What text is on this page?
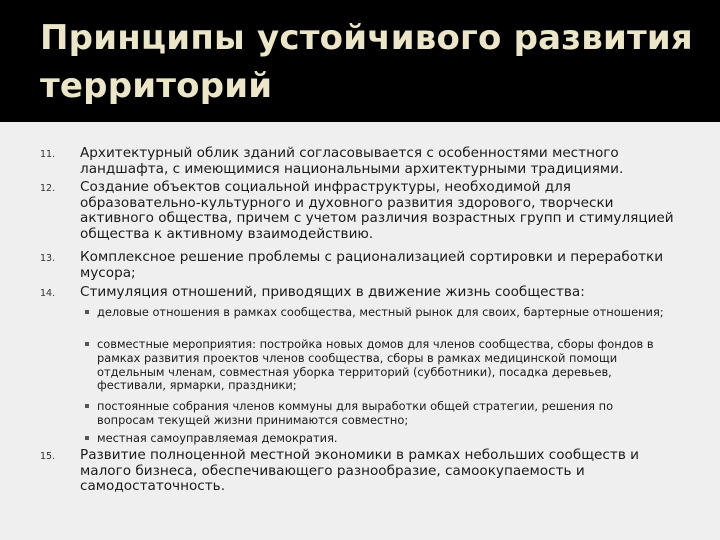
Принципы устойчивого развития территорий
11. Архитектурный облик зданий согласовывается с особенностями местного ландшафта, с имеющимися национальными архитектурными традициями.
12. Создание объектов социальной инфраструктуры, необходимой для образовательно-культурного и духовного развития здорового, творчески активного общества, причем с учетом различия возрастных групп и стимуляцией общества к активному взаимодействию.
13. Комплексное решение проблемы с рационализацией сортировки и переработки мусора;
14. Стимуляция отношений, приводящих в движение жизнь сообщества:
деловые отношения в рамках сообщества, местный рынок для своих, бартерные отношения;
совместные мероприятия: постройка новых домов для членов сообщества, сборы фондов в рамках развития проектов членов сообщества, сборы в рамках медицинской помощи отдельным членам, совместная уборка территорий (субботники), посадка деревьев, фестивали, ярмарки, праздники;
постоянные собрания членов коммуны для выработки общей стратегии, решения по вопросам текущей жизни принимаются совместно;
местная самоуправляемая демократия.
15. Развитие полноценной местной экономики в рамках небольших сообществ и малого бизнеса, обеспечивающего разнообразие, самоокупаемость и самодостаточность.
